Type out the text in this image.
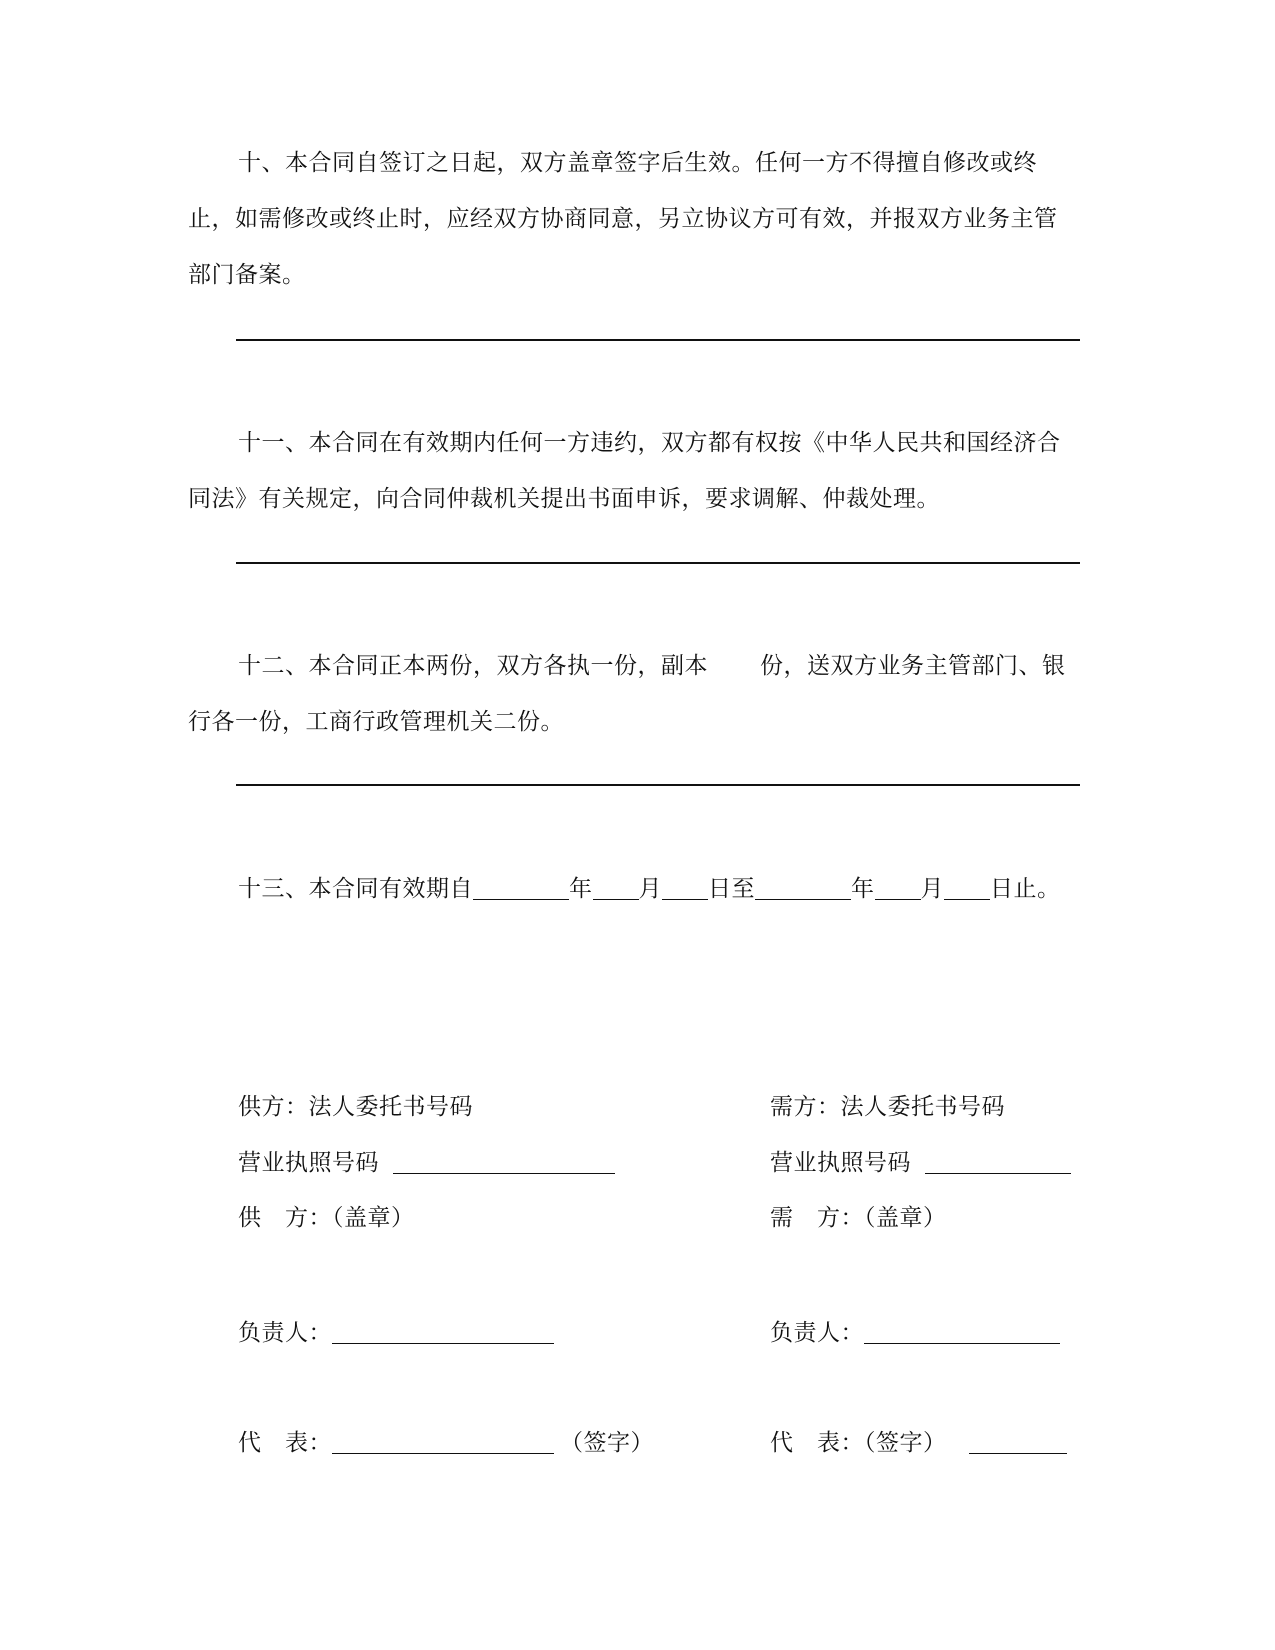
十、本合同自签订之日起，双方盖章签字后生效。任何一方不得擅自修改或终止，如需修改或终止时，应经双方协商同意，另立协议方可有效，并报双方业务主管部门备案。

十一、本合同在有效期内任何一方违约，双方都有权按《中华人民共和国经济合同法》有关规定，向合同仲裁机关提出书面申诉，要求调解、仲裁处理。

十二、本合同正本两份，双方各执一份，副本 份，送双方业务主管部门、银行各一份，工商行政管理机关二份。

十三、本合同有效期自	年 月 日至	年 月 日止。
供方：法人委托书号码
营业执照号码
供　方：（盖章）
负责人：
代　表：	（签字）
需方：法人委托书号码
营业执照号码
需　方：（盖章）
负责人：
代　表：（签字）
